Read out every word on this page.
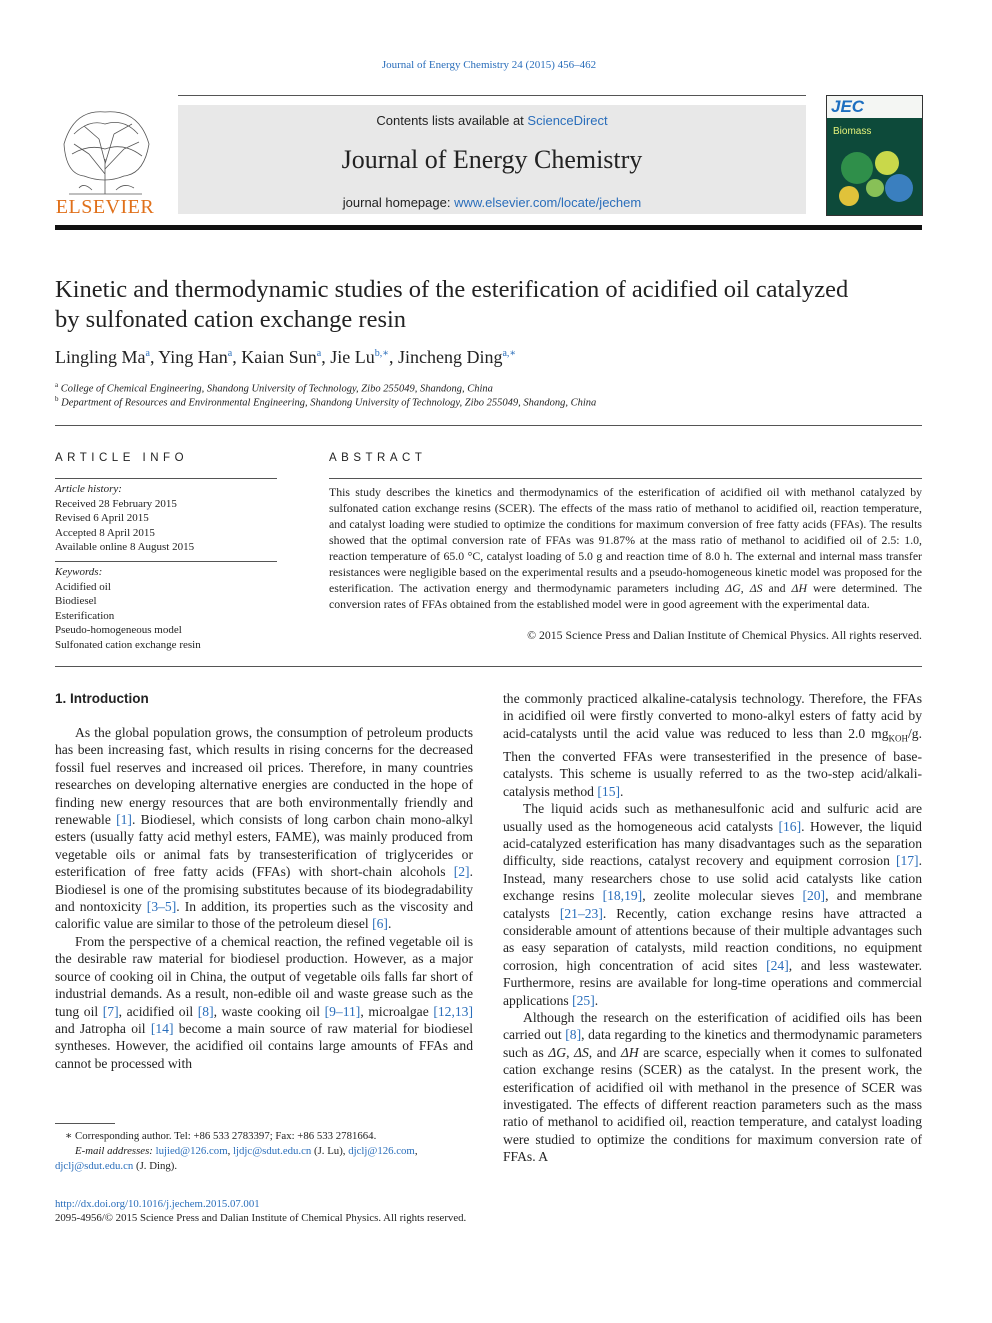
Journal of Energy Chemistry 24 (2015) 456–462
ELSEVIER
Contents lists available at ScienceDirect
Journal of Energy Chemistry
journal homepage: www.elsevier.com/locate/jechem
JEC
Biomass
Kinetic and thermodynamic studies of the esterification of acidified oil catalyzed by sulfonated cation exchange resin
Lingling Ma$^a$, Ying Han$^a$, Kaian Sun$^a$, Jie $Lu^{b,∗}$, Jincheng Ding$^{a,∗}$
$^a$ College of Chemical Engineering, Shandong University of Technology, Zibo 255049, Shandong, China
$^b$ Department of Resources and Environmental Engineering, Shandong University of Technology, Zibo 255049, Shandong, China
ARTICLE INFO
Article history:
Received 28 February 2015
Revised 6 April 2015
Accepted 8 April 2015
Available online 8 August 2015
Keywords:
Acidified oil
Biodiesel
Esterification
Pseudo-homogeneous model
Sulfonated cation exchange resin
ABSTRACT
This study describes the kinetics and thermodynamics of the esterification of acidified oil with methanol catalyzed by sulfonated cation exchange resins (SCER). The effects of the mass ratio of methanol to acidified oil, reaction temperature, and catalyst loading were studied to optimize the conditions for maximum conversion of free fatty acids (FFAs). The results showed that the optimal conversion rate of FFAs was 91.87% at the mass ratio of methanol to acidified oil of 2.5: 1.0, reaction temperature of 65.0 °C, catalyst loading of 5.0 g and reaction time of 8.0 h. The external and internal mass transfer resistances were negligible based on the experimental results and a pseudo-homogeneous kinetic model was proposed for the esterification. The activation energy and thermodynamic parameters including ΔG, ΔS and ΔH were determined. The conversion rates of FFAs obtained from the established model were in good agreement with the experimental data.
© 2015 Science Press and Dalian Institute of Chemical Physics. All rights reserved.
1. Introduction

As the global population grows, the consumption of petroleum products has been increasing fast, which results in rising concerns for the decreased fossil fuel reserves and increased oil prices. Therefore, in many countries researches on developing alternative energies are conducted in the hope of finding new energy resources that are both environmentally friendly and renewable [1]. Biodiesel, which consists of long carbon chain mono-alkyl esters (usually fatty acid methyl esters, FAME), was mainly produced from vegetable oils or animal fats by transesterification of triglycerides or esterification of free fatty acids (FFAs) with short-chain alcohols [2]. Biodiesel is one of the promising substitutes because of its biodegradability and nontoxicity [3–5]. In addition, its properties such as the viscosity and calorific value are similar to those of the petroleum diesel [6].

From the perspective of a chemical reaction, the refined vegetable oil is the desirable raw material for biodiesel production. However, as a major source of cooking oil in China, the output of vegetable oils falls far short of industrial demands. As a result, non-edible oil and waste grease such as the tung oil [7], acidified oil [8], waste cooking oil [9–11], microalgae [12,13] and Jatropha oil [14] become a main source of raw material for biodiesel syntheses. However, the acidified oil contains large amounts of FFAs and cannot be processed with

the commonly practiced alkaline-catalysis technology. Therefore, the FFAs in acidified oil were firstly converted to mono-alkyl esters of fatty acid by acid-catalysts until the acid value was reduced to less than 2.0 $mg_{KOH}/g$. Then the converted FFAs were transesterified in the presence of base-catalysts. This scheme is usually referred to as the two-step acid/alkali-catalysis method [15].

The liquid acids such as methanesulfonic acid and sulfuric acid are usually used as the homogeneous acid catalysts [16]. However, the liquid acid-catalyzed esterification has many disadvantages such as the separation difficulty, side reactions, catalyst recovery and equipment corrosion [17]. Instead, many researchers chose to use solid acid catalysts like cation exchange resins [18,19], zeolite molecular sieves [20], and membrane catalysts [21–23]. Recently, cation exchange resins have attracted a considerable amount of attentions because of their multiple advantages such as easy separation of catalysts, mild reaction conditions, no equipment corrosion, high concentration of acid sites [24], and less wastewater. Furthermore, resins are available for long-time operations and commercial applications [25].

Although the research on the esterification of acidified oils has been carried out [8], data regarding to the kinetics and thermodynamic parameters such as ΔG, ΔS, and ΔH are scarce, especially when it comes to sulfonated cation exchange resins (SCER) as the catalyst. In the present work, the esterification of acidified oil with methanol in the presence of SCER was investigated. The effects of different reaction parameters such as the mass ratio of methanol to acidified oil, reaction temperature, and catalyst loading were studied to optimize the conditions for maximum conversion rate of FFAs. A

∗ Corresponding author. Tel: +86 533 2783397; Fax: +86 533 2781664.
E-mail addresses: lujied@126.com, ljdjc@sdut.edu.cn (J. Lu), djclj@126.com,
djclj@sdut.edu.cn (J. Ding).
http://dx.doi.org/10.1016/j.jechem.2015.07.001
2095-4956/© 2015 Science Press and Dalian Institute of Chemical Physics. All rights reserved.
